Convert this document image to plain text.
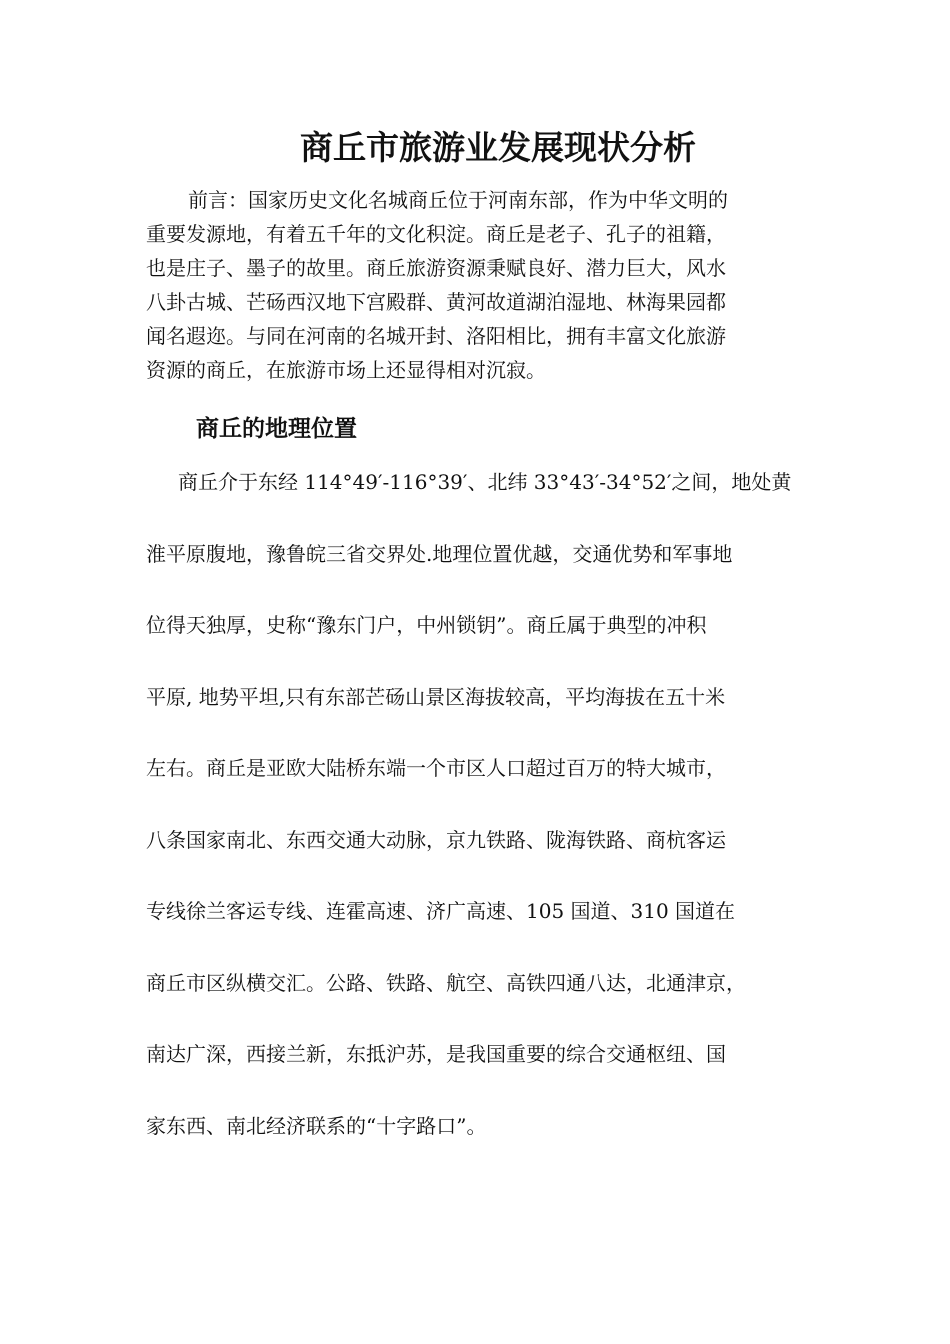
商丘市旅游业发展现状分析

前言：国家历史文化名城商丘位于河南东部，作为中华文明的
重要发源地，有着五千年的文化积淀。商丘是老子、孔子的祖籍，
也是庄子、墨子的故里。商丘旅游资源秉赋良好、潜力巨大，风水
八卦古城、芒砀西汉地下宫殿群、黄河故道湖泊湿地、林海果园都
闻名遐迩。与同在河南的名城开封、洛阳相比，拥有丰富文化旅游
资源的商丘，在旅游市场上还显得相对沉寂。

商丘的地理位置

商丘介于东经 114°49′-116°39′、北纬 33°43′-34°52′之间，地处黄
淮平原腹地，豫鲁皖三省交界处.地理位置优越，交通优势和军事地
位得天独厚，史称“豫东门户，中州锁钥”。商丘属于典型的冲积
平原, 地势平坦,只有东部芒砀山景区海拔较高，平均海拔在五十米
左右。商丘是亚欧大陆桥东端一个市区人口超过百万的特大城市，
八条国家南北、东西交通大动脉，京九铁路、陇海铁路、商杭客运
专线徐兰客运专线、连霍高速、济广高速、105 国道、310 国道在
商丘市区纵横交汇。公路、铁路、航空、高铁四通八达，北通津京，
南达广深，西接兰新，东抵沪苏，是我国重要的综合交通枢纽、国
家东西、南北经济联系的“十字路口”。
